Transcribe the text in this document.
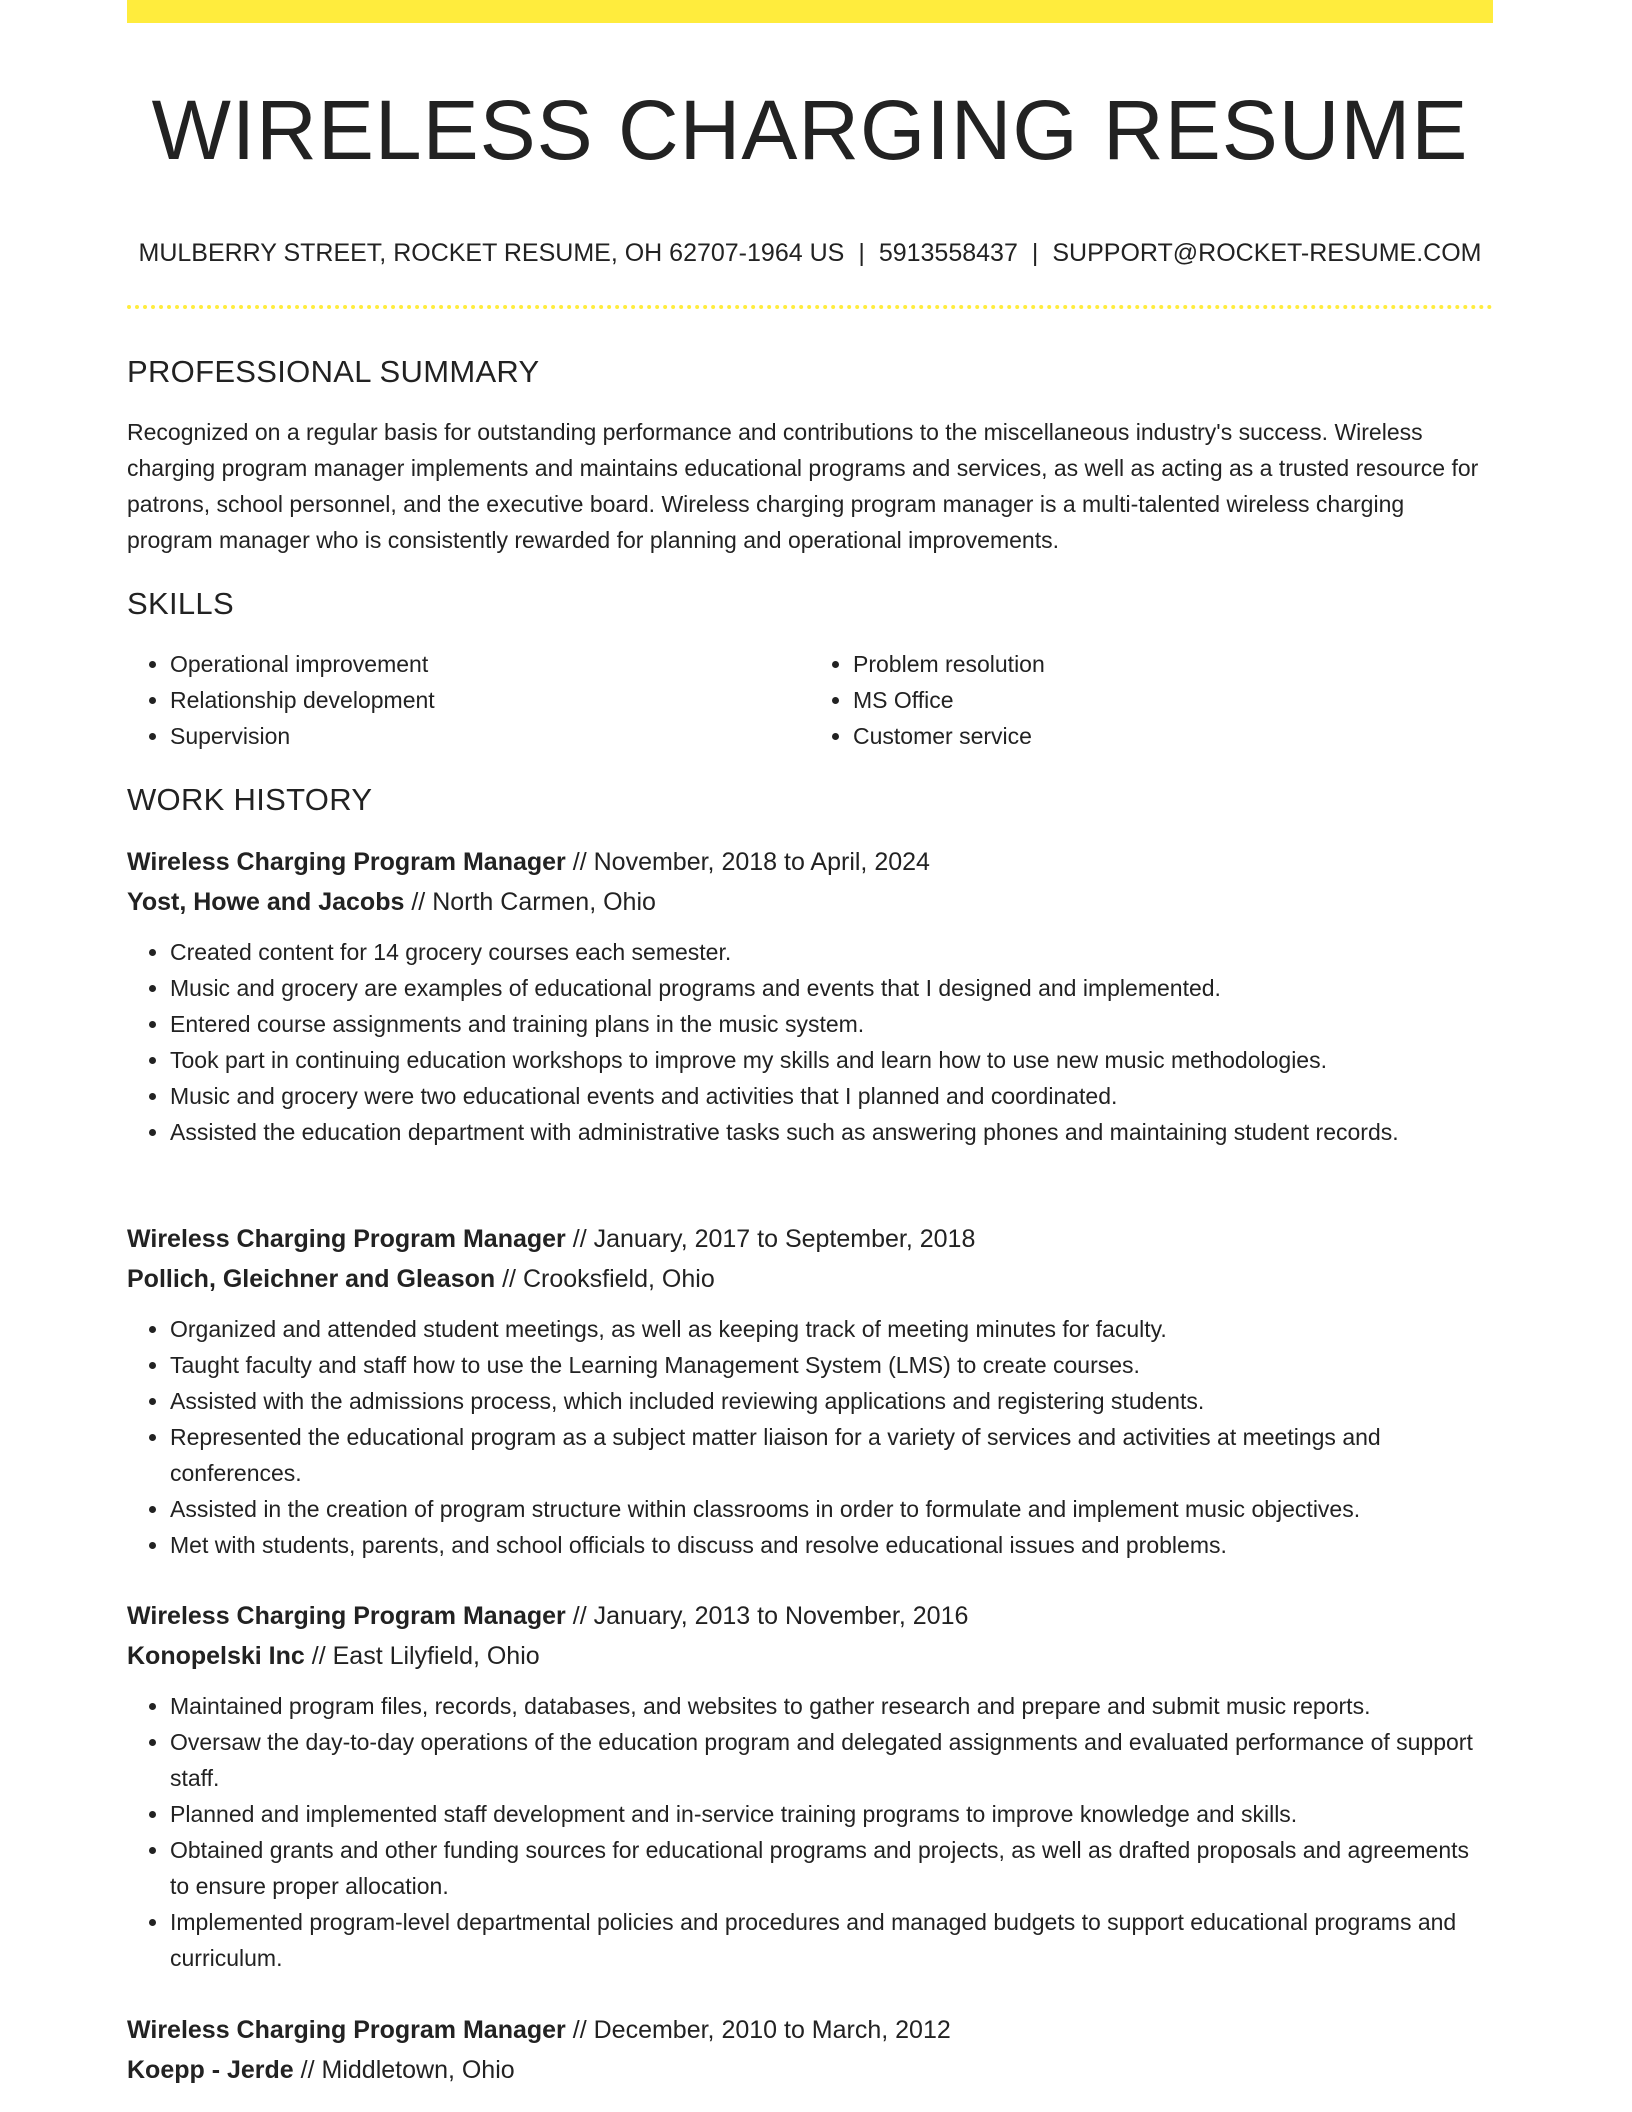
WIRELESS CHARGING RESUME
MULBERRY STREET, ROCKET RESUME, OH 62707-1964 US | 5913558437 | SUPPORT@ROCKET-RESUME.COM
PROFESSIONAL SUMMARY
Recognized on a regular basis for outstanding performance and contributions to the miscellaneous industry's success. Wireless charging program manager implements and maintains educational programs and services, as well as acting as a trusted resource for patrons, school personnel, and the executive board. Wireless charging program manager is a multi-talented wireless charging program manager who is consistently rewarded for planning and operational improvements.
SKILLS
• Operational improvement
• Relationship development
• Supervision
• Problem resolution
• MS Office
• Customer service
WORK HISTORY
Wireless Charging Program Manager // November, 2018 to April, 2024
Yost, Howe and Jacobs // North Carmen, Ohio
• Created content for 14 grocery courses each semester.
• Music and grocery are examples of educational programs and events that I designed and implemented.
• Entered course assignments and training plans in the music system.
• Took part in continuing education workshops to improve my skills and learn how to use new music methodologies.
• Music and grocery were two educational events and activities that I planned and coordinated.
• Assisted the education department with administrative tasks such as answering phones and maintaining student records.
Wireless Charging Program Manager // January, 2017 to September, 2018
Pollich, Gleichner and Gleason // Crooksfield, Ohio
• Organized and attended student meetings, as well as keeping track of meeting minutes for faculty.
• Taught faculty and staff how to use the Learning Management System (LMS) to create courses.
• Assisted with the admissions process, which included reviewing applications and registering students.
• Represented the educational program as a subject matter liaison for a variety of services and activities at meetings and conferences.
• Assisted in the creation of program structure within classrooms in order to formulate and implement music objectives.
• Met with students, parents, and school officials to discuss and resolve educational issues and problems.
Wireless Charging Program Manager // January, 2013 to November, 2016
Konopelski Inc // East Lilyfield, Ohio
• Maintained program files, records, databases, and websites to gather research and prepare and submit music reports.
• Oversaw the day-to-day operations of the education program and delegated assignments and evaluated performance of support staff.
• Planned and implemented staff development and in-service training programs to improve knowledge and skills.
• Obtained grants and other funding sources for educational programs and projects, as well as drafted proposals and agreements to ensure proper allocation.
• Implemented program-level departmental policies and procedures and managed budgets to support educational programs and curriculum.
Wireless Charging Program Manager // December, 2010 to March, 2012
Koepp - Jerde // Middletown, Ohio
